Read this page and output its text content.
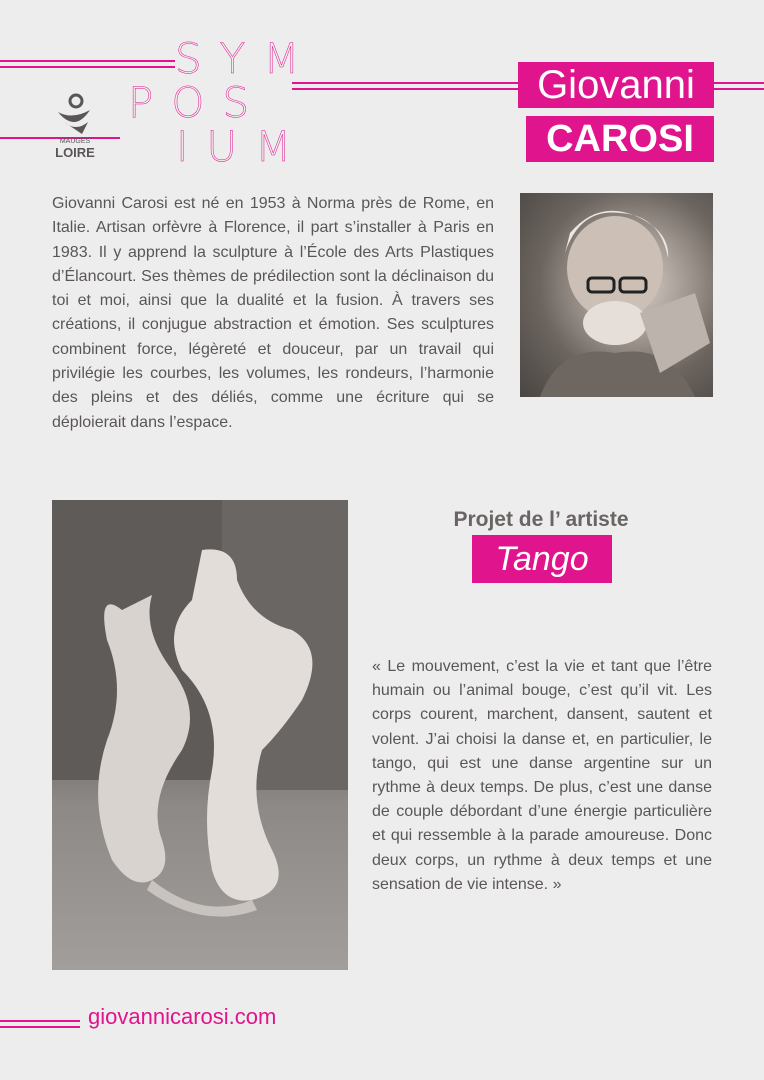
SYM
POS
IUM
MAUGES
LOIRE
Giovanni
CAROSI
Giovanni Carosi est né en 1953 à Norma près de Rome, en Italie. Artisan orfèvre à Florence, il part s’installer à Paris en 1983. Il y apprend la sculpture à l’École des Arts Plastiques d’Élancourt. Ses thèmes de prédilection sont la déclinaison du toi et moi, ainsi que la dualité et la fusion. À travers ses créations, il conjugue abstraction et émotion. Ses sculptures combinent force, légèreté et douceur, par un travail qui privilégie les courbes, les volumes, les rondeurs, l’harmonie des pleins et des déliés, comme une écriture qui se déploierait dans l’espace.
Projet de l’ artiste
Tango
« Le mouvement, c’est la vie et tant que l’être humain ou l’animal bouge, c’est qu’il vit. Les corps courent, marchent, dansent, sautent et volent. J’ai choisi la danse et, en particulier, le tango, qui est une danse argentine sur un rythme à deux temps. De plus, c’est une danse de couple débordant d’une énergie particulière et qui ressemble à la parade amoureuse. Donc deux corps, un rythme à deux temps et une sensation de vie intense. »
giovannicarosi.com
